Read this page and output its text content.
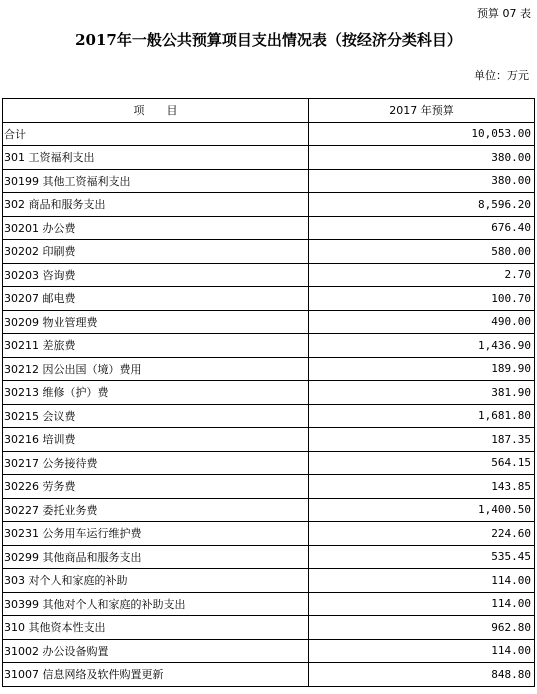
预算 07 表
2017年一般公共预算项目支出情况表（按经济分类科目）
单位：万元
项　　目	2017 年预算
合计	10,053.00
301 工资福利支出	380.00
30199 其他工资福利支出	380.00
302 商品和服务支出	8,596.20
30201 办公费	676.40
30202 印刷费	580.00
30203 咨询费	2.70
30207 邮电费	100.70
30209 物业管理费	490.00
30211 差旅费	1,436.90
30212 因公出国（境）费用	189.90
30213 维修（护）费	381.90
30215 会议费	1,681.80
30216 培训费	187.35
30217 公务接待费	564.15
30226 劳务费	143.85
30227 委托业务费	1,400.50
30231 公务用车运行维护费	224.60
30299 其他商品和服务支出	535.45
303 对个人和家庭的补助	114.00
30399 其他对个人和家庭的补助支出	114.00
310 其他资本性支出	962.80
31002 办公设备购置	114.00
31007 信息网络及软件购置更新	848.80
